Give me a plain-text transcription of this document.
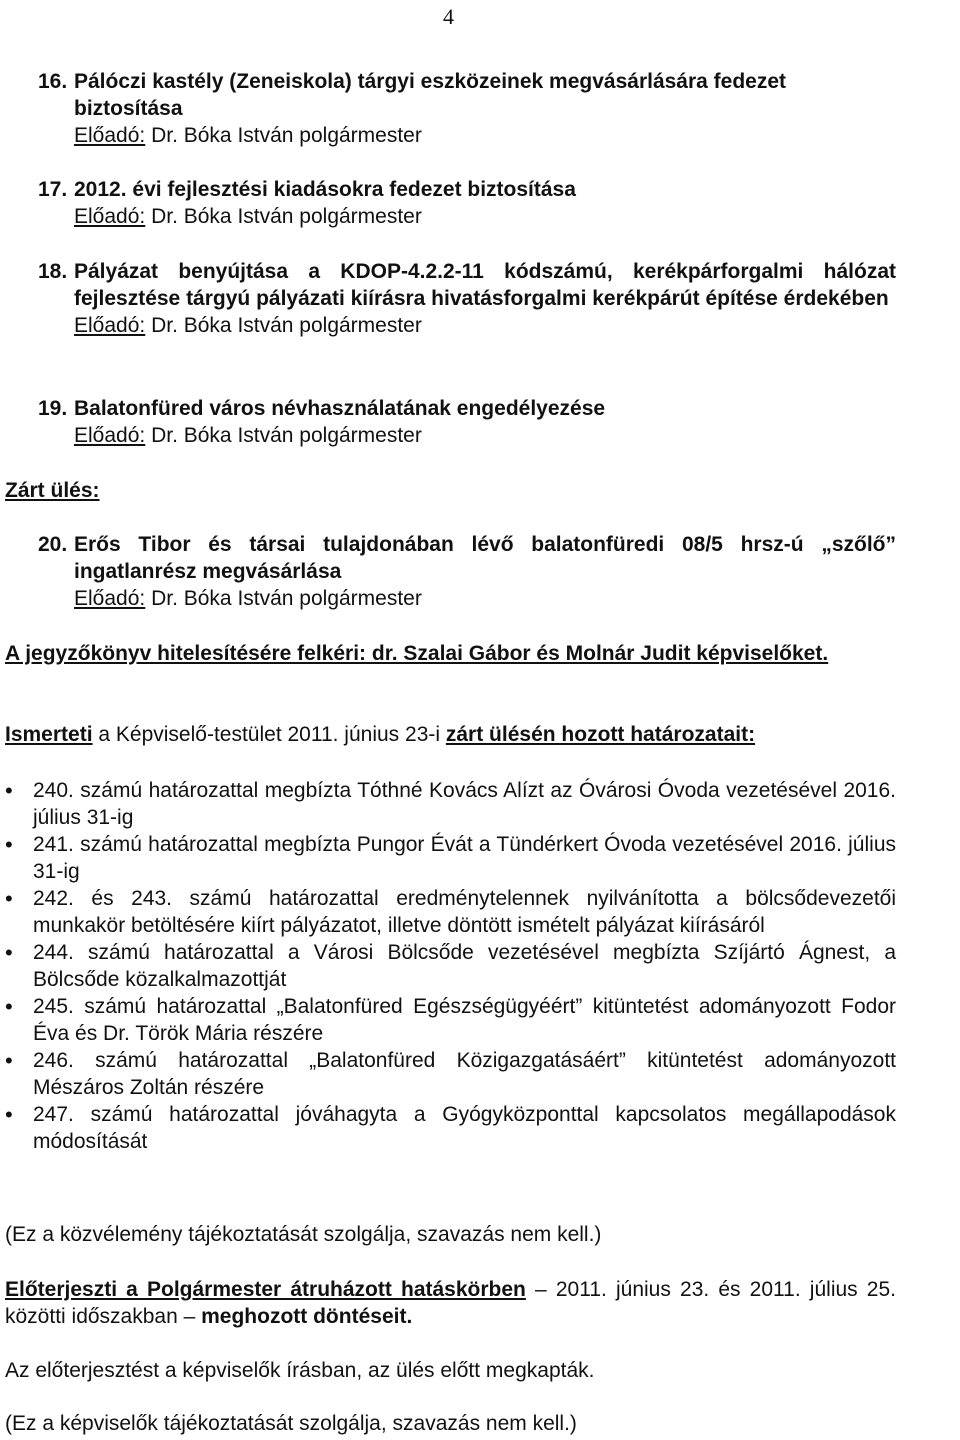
4
16. Pálóczi kastély (Zeneiskola) tárgyi eszközeinek megvásárlására fedezet biztosítása
Előadó: Dr. Bóka István polgármester
17. 2012. évi fejlesztési kiadásokra fedezet biztosítása
Előadó: Dr. Bóka István polgármester
18. Pályázat benyújtása a KDOP-4.2.2-11 kódszámú, kerékpárforgalmi hálózat fejlesztése tárgyú pályázati kiírásra hivatásforgalmi kerékpárút építése érdekében
Előadó: Dr. Bóka István polgármester
19. Balatonfüred város névhasználatának engedélyezése
Előadó: Dr. Bóka István polgármester
Zárt ülés:
20. Erős Tibor és társai tulajdonában lévő balatonfüredi 08/5 hrsz-ú „szőlő” ingatlanrész megvásárlása
Előadó: Dr. Bóka István polgármester
A jegyzőkönyv hitelesítésére felkéri: dr. Szalai Gábor és Molnár Judit képviselőket.
Ismerteti a Képviselő-testület 2011. június 23-i zárt ülésén hozott határozatait:
• 240. számú határozattal megbízta Tóthné Kovács Alízt az Óvárosi Óvoda vezetésével 2016. július 31-ig
• 241. számú határozattal megbízta Pungor Évát a Tündérkert Óvoda vezetésével 2016. július 31-ig
• 242. és 243. számú határozattal eredménytelennek nyilvánította a bölcsődevezetői munkakör betöltésére kiírt pályázatot, illetve döntött ismételt pályázat kiírásáról
• 244. számú határozattal a Városi Bölcsőde vezetésével megbízta Szíjártó Ágnest, a Bölcsőde közalkalmazottját
• 245. számú határozattal „Balatonfüred Egészségügyéért” kitüntetést adományozott Fodor Éva és Dr. Török Mária részére
• 246. számú határozattal „Balatonfüred Közigazgatásáért” kitüntetést adományozott Mészáros Zoltán részére
• 247. számú határozattal jóváhagyta a Gyógyközponttal kapcsolatos megállapodások módosítását
(Ez a közvélemény tájékoztatását szolgálja, szavazás nem kell.)
Előterjeszti a Polgármester átruházott hatáskörben – 2011. június 23. és 2011. július 25. közötti időszakban – meghozott döntéseit.
Az előterjesztést a képviselők írásban, az ülés előtt megkapták.
(Ez a képviselők tájékoztatását szolgálja, szavazás nem kell.)
